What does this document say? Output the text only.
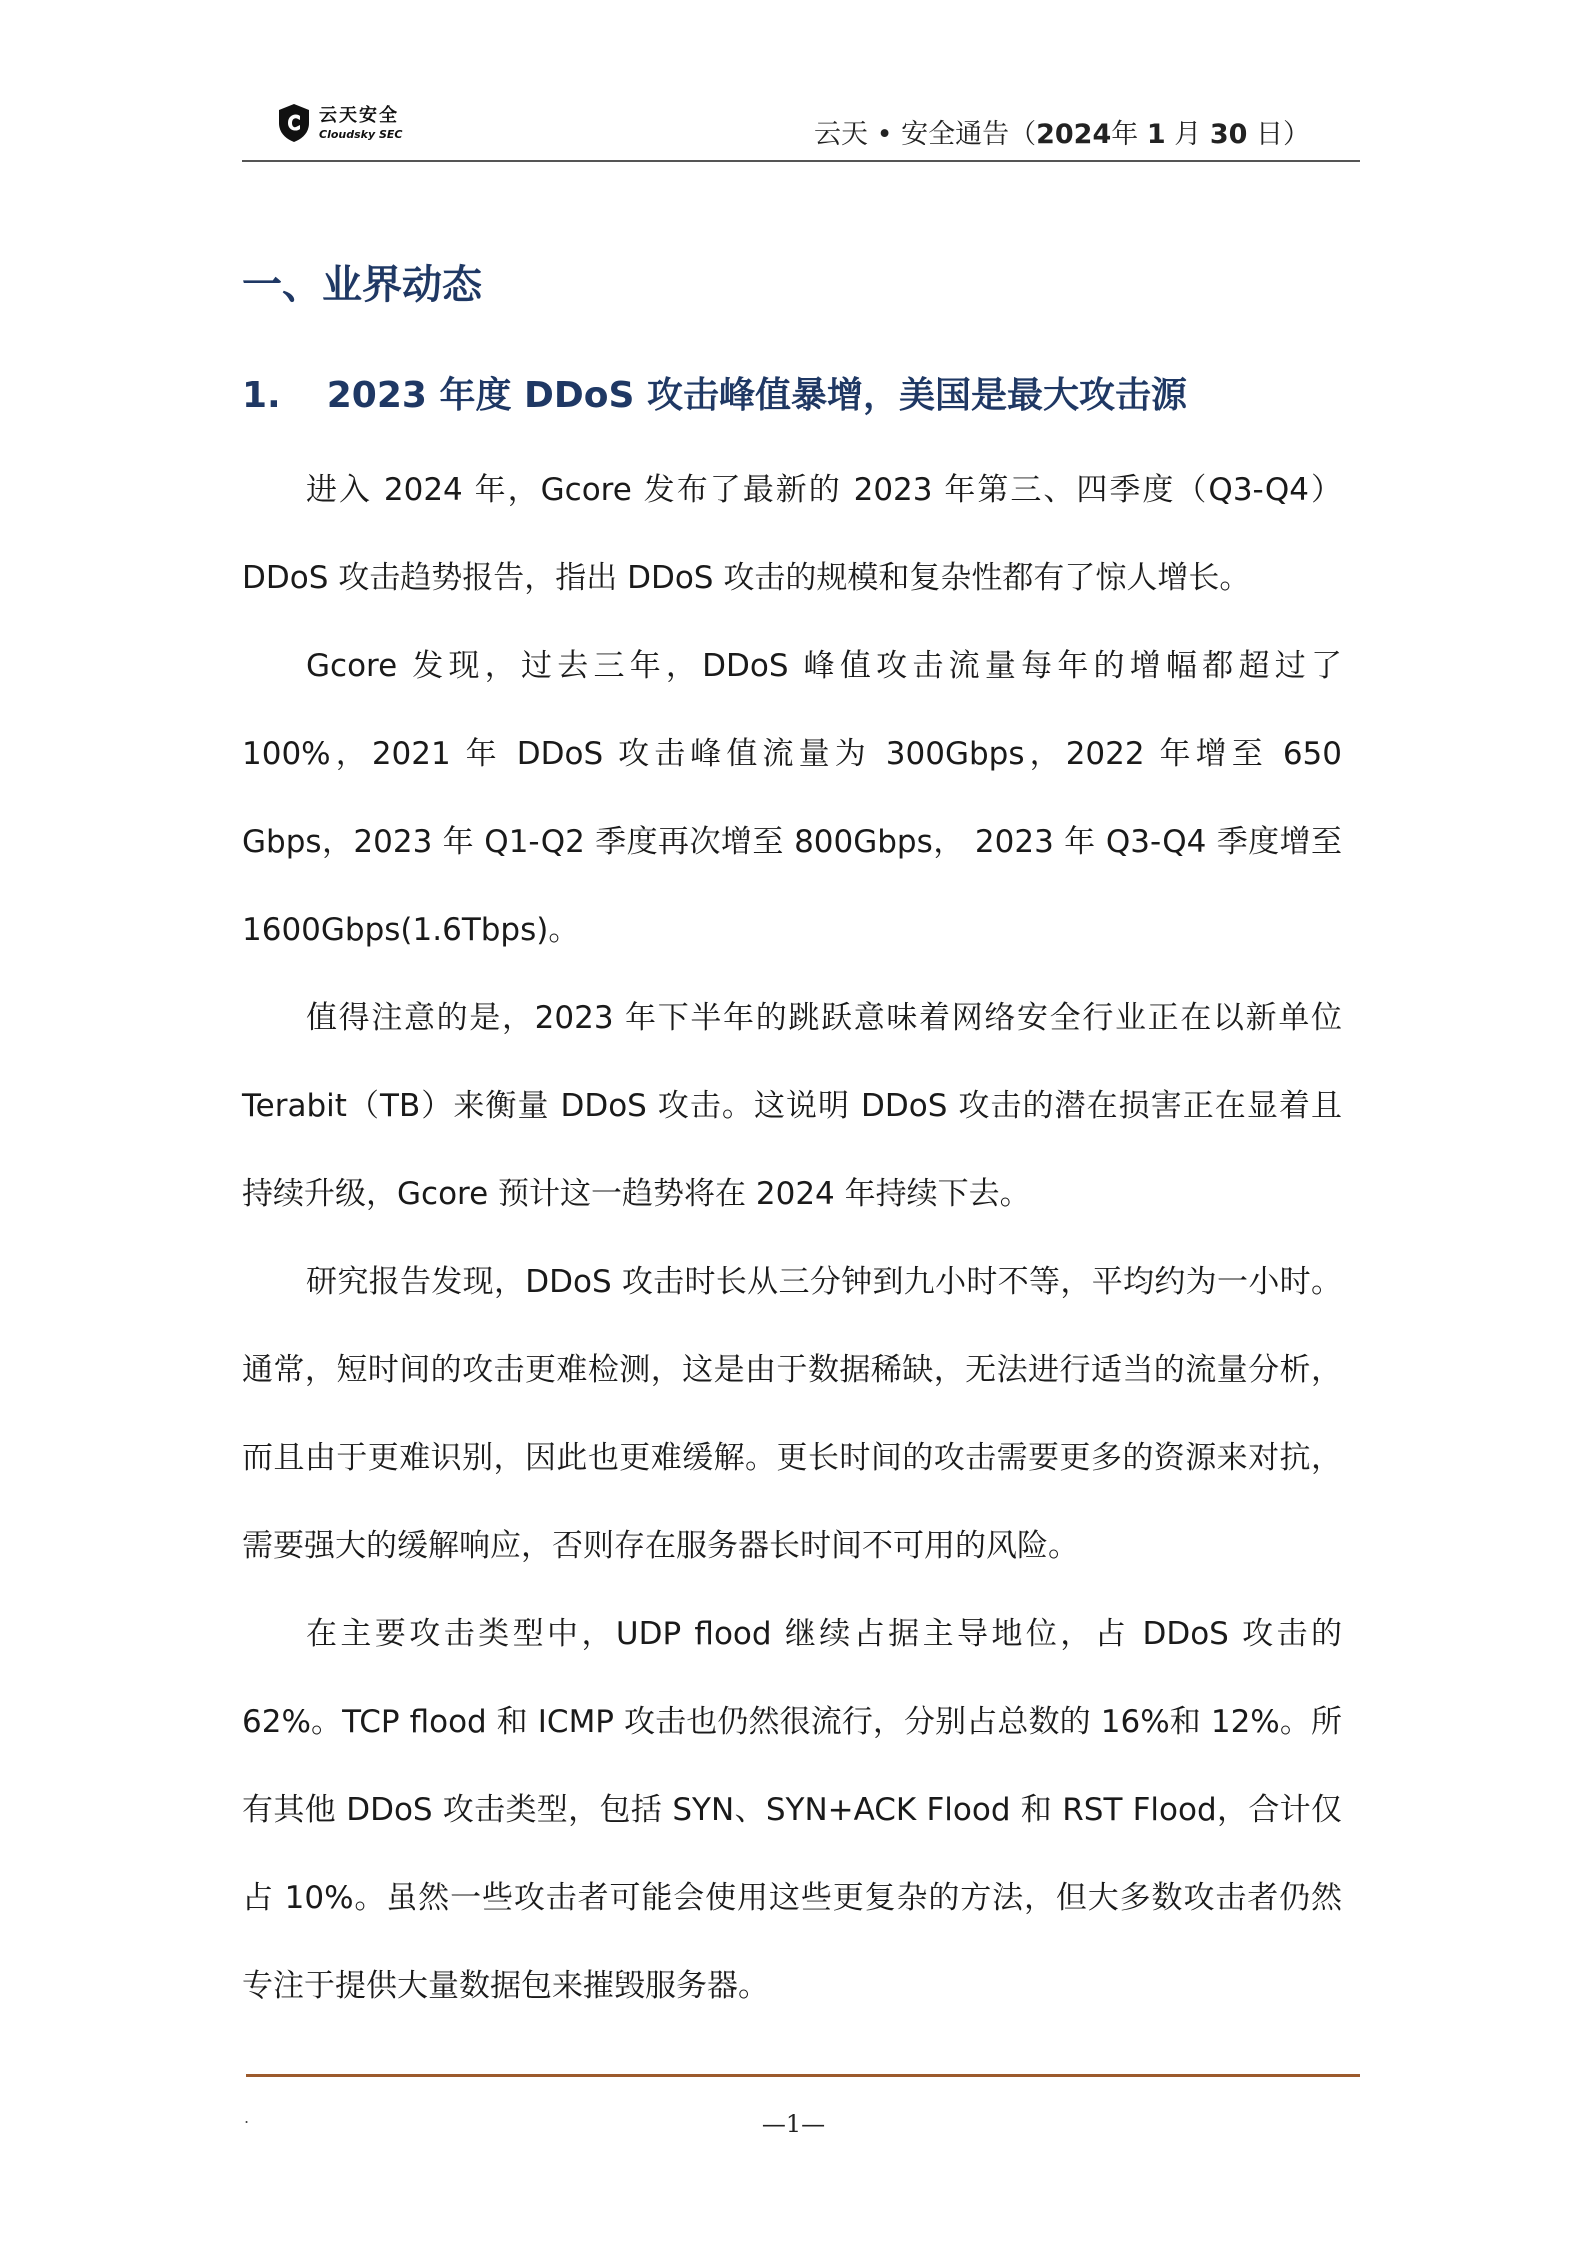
云天安全
Cloudsky SEC	云天 • 安全通告（2024年 1 月 30 日）
一、业界动态
1. 2023 年度 DDoS 攻击峰值暴增，美国是最大攻击源

进入 2024 年，Gcore 发布了最新的 2023 年第三、四季度（Q3-Q4）DDoS 攻击趋势报告，指出 DDoS 攻击的规模和复杂性都有了惊人增长。

Gcore 发现，过去三年，DDoS 峰值攻击流量每年的增幅都超过了 100%，2021 年 DDoS 攻击峰值流量为 300Gbps，2022 年增至 650 Gbps，2023 年 Q1-Q2 季度再次增至 800Gbps， 2023 年 Q3-Q4 季度增至 1600Gbps(1.6Tbps)。

值得注意的是，2023 年下半年的跳跃意味着网络安全行业正在以新单位 Terabit（TB）来衡量 DDoS 攻击。这说明 DDoS 攻击的潜在损害正在显着且持续升级，Gcore 预计这一趋势将在 2024 年持续下去。

研究报告发现，DDoS 攻击时长从三分钟到九小时不等，平均约为一小时。通常，短时间的攻击更难检测，这是由于数据稀缺，无法进行适当的流量分析，而且由于更难识别，因此也更难缓解。更长时间的攻击需要更多的资源来对抗，需要强大的缓解响应，否则存在服务器长时间不可用的风险。

在主要攻击类型中，UDP flood 继续占据主导地位，占 DDoS 攻击的 62%。TCP flood 和 ICMP 攻击也仍然很流行，分别占总数的 16%和 12%。所有其他 DDoS 攻击类型，包括 SYN、SYN+ACK Flood 和 RST Flood，合计仅占 10%。虽然一些攻击者可能会使用这些更复杂的方法，但大多数攻击者仍然专注于提供大量数据包来摧毁服务器。

.	—1—
